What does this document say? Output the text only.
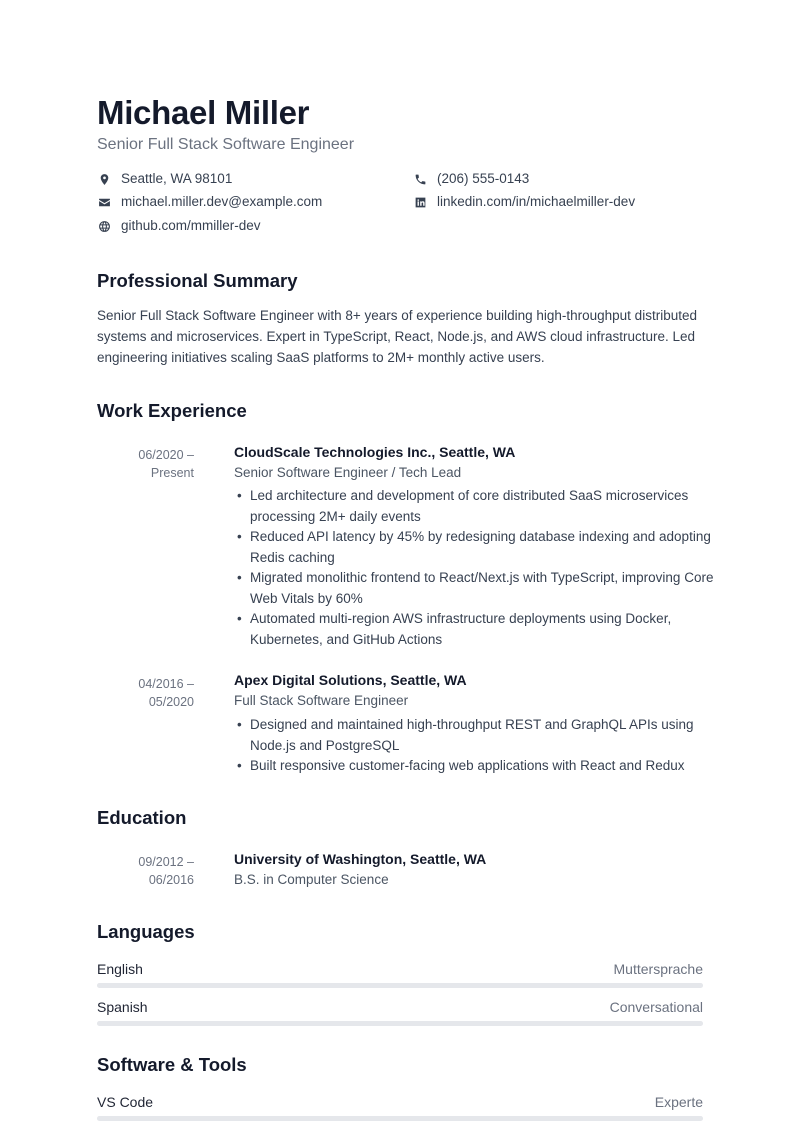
Michael Miller
Senior Full Stack Software Engineer
Seattle, WA 98101	(206) 555-0143
michael.miller.dev@example.com	linkedin.com/in/michaelmiller-dev
github.com/mmiller-dev
Professional Summary
Senior Full Stack Software Engineer with 8+ years of experience building high-throughput distributed systems and microservices. Expert in TypeScript, React, Node.js, and AWS cloud infrastructure. Led engineering initiatives scaling SaaS platforms to 2M+ monthly active users.
Work Experience
06/2020 –
Present
CloudScale Technologies Inc., Seattle, WA
Senior Software Engineer / Tech Lead
• Led architecture and development of core distributed SaaS microservices processing 2M+ daily events
• Reduced API latency by 45% by redesigning database indexing and adopting Redis caching
• Migrated monolithic frontend to React/Next.js with TypeScript, improving Core Web Vitals by 60%
• Automated multi-region AWS infrastructure deployments using Docker, Kubernetes, and GitHub Actions
04/2016 –
05/2020
Apex Digital Solutions, Seattle, WA
Full Stack Software Engineer
• Designed and maintained high-throughput REST and GraphQL APIs using Node.js and PostgreSQL
• Built responsive customer-facing web applications with React and Redux
Education
09/2012 –
06/2016
University of Washington, Seattle, WA
B.S. in Computer Science
Languages
English	Muttersprache
Spanish	Conversational
Software & Tools
VS Code	Experte
